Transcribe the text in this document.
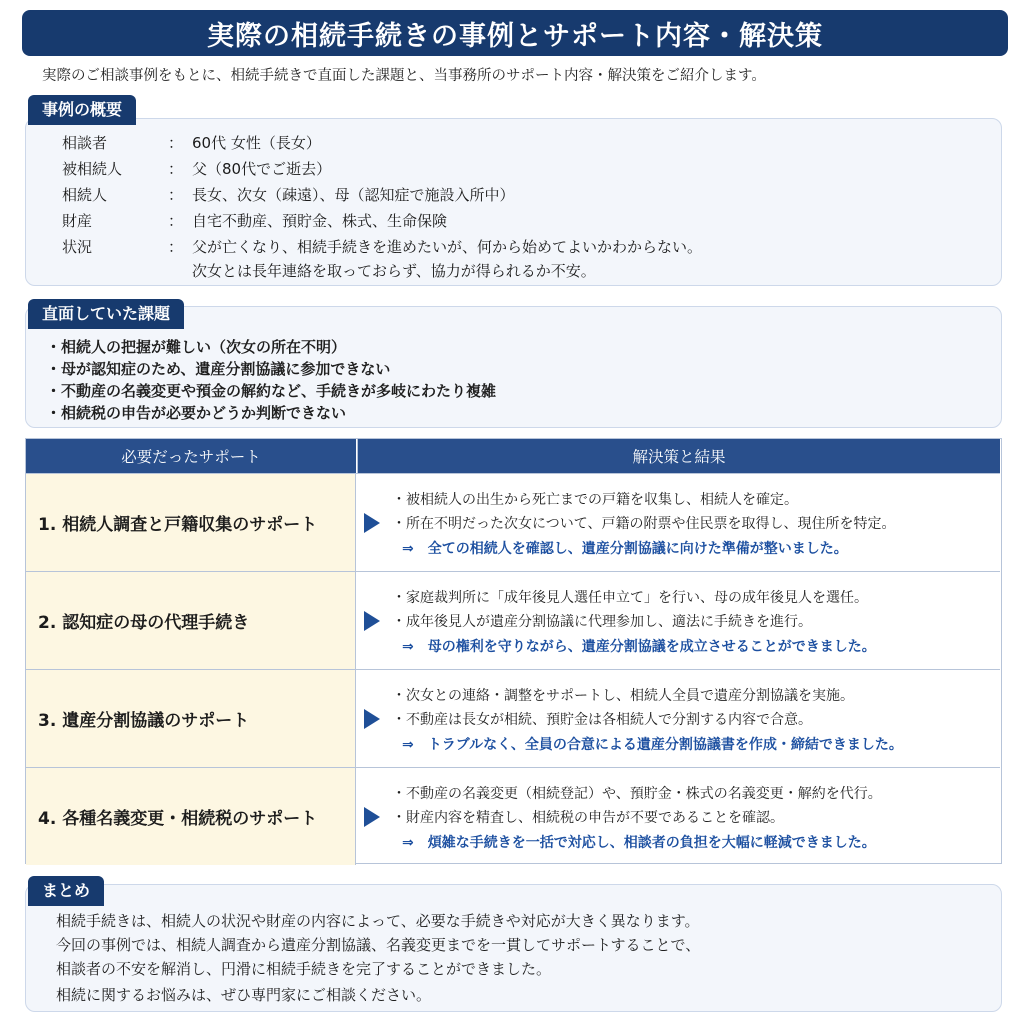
実際の相続手続きの事例とサポート内容・解決策
実際のご相談事例をもとに、相続手続きで直面した課題と、当事務所のサポート内容・解決策をご紹介します。
事例の概要
相談者	： 60代 女性（長女）
被相続人	： 父（80代でご逝去）
相続人	： 長女、次女（疎遠）、母（認知症で施設入所中）
財産	： 自宅不動産、預貯金、株式、生命保険
状況	： 父が亡くなり、相続手続きを進めたいが、何から始めてよいかわからない。
次女とは長年連絡を取っておらず、協力が得られるか不安。
直面していた課題
・相続人の把握が難しい（次女の所在不明）
・母が認知症のため、遺産分割協議に参加できない
・不動産の名義変更や預金の解約など、手続きが多岐にわたり複雑
・相続税の申告が必要かどうか判断できない
必要だったサポート	解決策と結果
1. 相続人調査と戸籍収集のサポート
・被相続人の出生から死亡までの戸籍を収集し、相続人を確定。
・所在不明だった次女について、戸籍の附票や住民票を取得し、現住所を特定。
⇒　全ての相続人を確認し、遺産分割協議に向けた準備が整いました。
2. 認知症の母の代理手続き
・家庭裁判所に「成年後見人選任申立て」を行い、母の成年後見人を選任。
・成年後見人が遺産分割協議に代理参加し、適法に手続きを進行。
⇒　母の権利を守りながら、遺産分割協議を成立させることができました。
3. 遺産分割協議のサポート
・次女との連絡・調整をサポートし、相続人全員で遺産分割協議を実施。
・不動産は長女が相続、預貯金は各相続人で分割する内容で合意。
⇒　トラブルなく、全員の合意による遺産分割協議書を作成・締結できました。
4. 各種名義変更・相続税のサポート
・不動産の名義変更（相続登記）や、預貯金・株式の名義変更・解約を代行。
・財産内容を精査し、相続税の申告が不要であることを確認。
⇒　煩雑な手続きを一括で対応し、相談者の負担を大幅に軽減できました。
まとめ
相続手続きは、相続人の状況や財産の内容によって、必要な手続きや対応が大きく異なります。
今回の事例では、相続人調査から遺産分割協議、名義変更までを一貫してサポートすることで、
相談者の不安を解消し、円滑に相続手続きを完了することができました。
相続に関するお悩みは、ぜひ専門家にご相談ください。
